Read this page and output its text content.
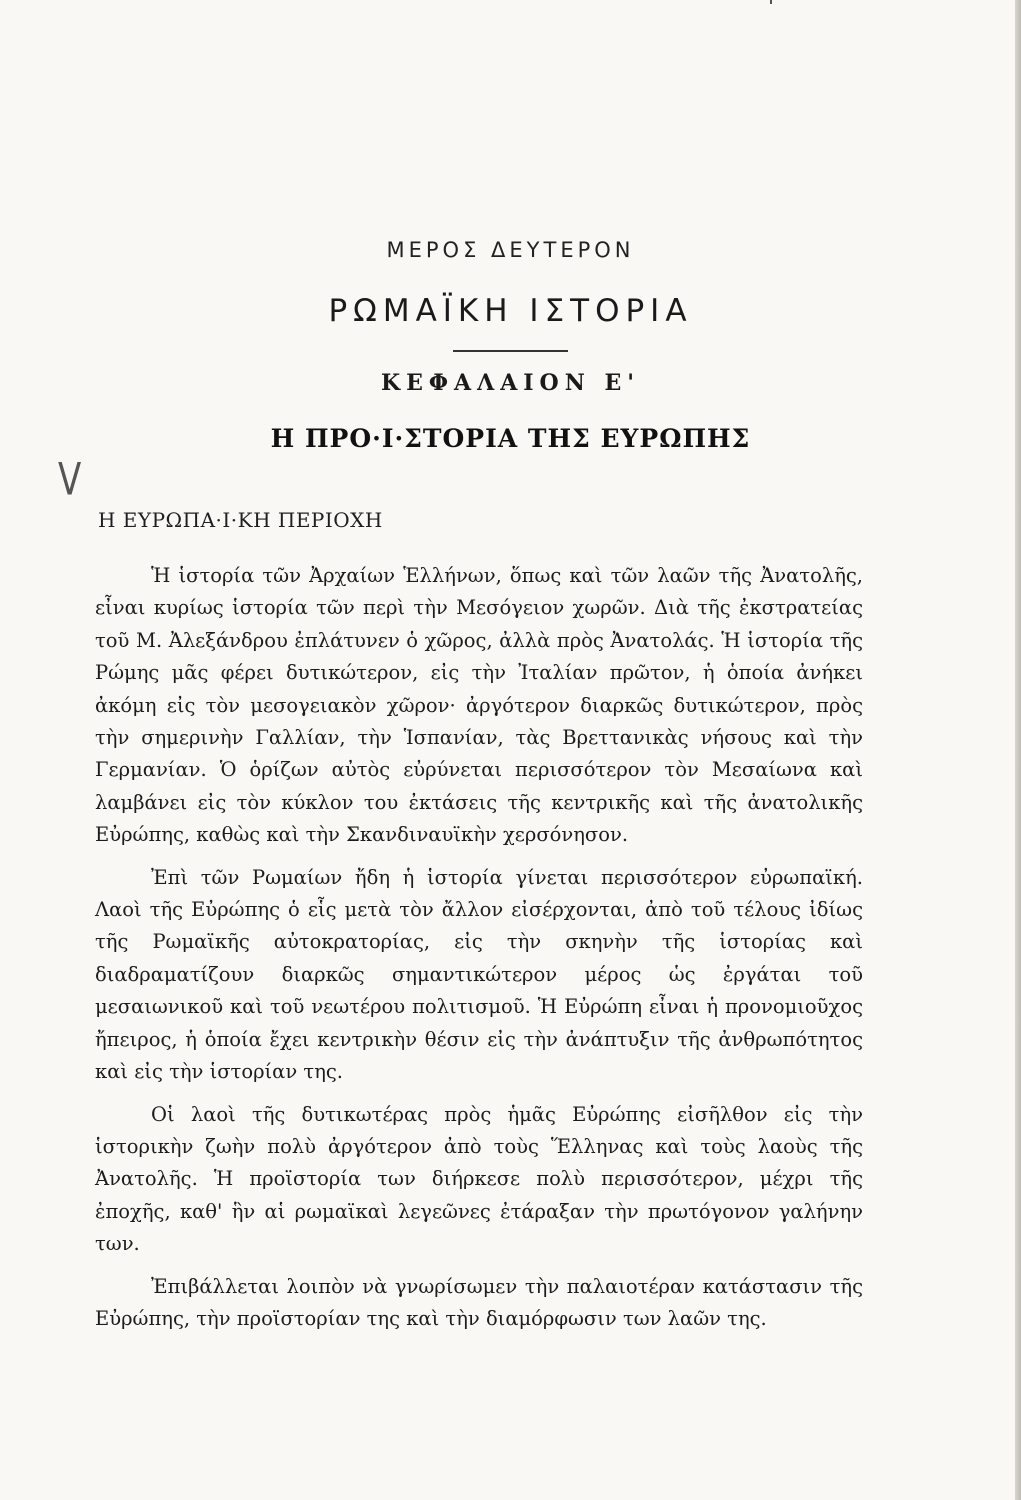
ΜΕΡΟΣ ΔΕΥΤΕΡΟΝ
ΡΩΜΑΪΚΗ ΙΣΤΟΡΙΑ
ΚΕΦΑΛΑΙΟΝ Ε'
Η ΠΡΟ·Ι·ΣΤΟΡΙΑ ΤΗΣ ΕΥΡΩΠΗΣ
V
Η ΕΥΡΩΠΑ·Ι·ΚΗ ΠΕΡΙΟΧΗ

Ἡ ἱστορία τῶν Ἀρχαίων Ἑλλήνων, ὅπως καὶ τῶν λαῶν τῆς Ἀνατολῆς, εἶναι κυρίως ἱστορία τῶν περὶ τὴν Μεσόγειον χωρῶν. Διὰ τῆς ἐκστρατείας τοῦ Μ. Ἀλεξάνδρου ἐπλάτυνεν ὁ χῶρος, ἀλλὰ πρὸς Ἀνατολάς. Ἡ ἱστορία τῆς Ρώμης μᾶς φέρει δυτικώτερον, εἰς τὴν Ἰταλίαν πρῶτον, ἡ ὁποία ἀνήκει ἀκόμη εἰς τὸν μεσογειακὸν χῶρον· ἀργότερον διαρκῶς δυτικώτερον, πρὸς τὴν σημερινὴν Γαλλίαν, τὴν Ἱσπανίαν, τὰς Βρεττανικὰς νήσους καὶ τὴν Γερμανίαν. Ὁ ὁρίζων αὐτὸς εὐρύνεται περισσότερον τὸν Μεσαίωνα καὶ λαμβάνει εἰς τὸν κύκλον του ἐκτάσεις τῆς κεντρικῆς καὶ τῆς ἀνατολικῆς Εὐρώπης, καθὼς καὶ τὴν Σκανδιναυϊκὴν χερσόνησον.

Ἐπὶ τῶν Ρωμαίων ἤδη ἡ ἱστορία γίνεται περισσότερον εὐρωπαϊκή. Λαοὶ τῆς Εὐρώπης ὁ εἷς μετὰ τὸν ἄλλον εἰσέρχονται, ἀπὸ τοῦ τέλους ἰδίως τῆς Ρωμαϊκῆς αὐτοκρατορίας, εἰς τὴν σκηνὴν τῆς ἱστορίας καὶ διαδραματίζουν διαρκῶς σημαντικώτερον μέρος ὡς ἐργάται τοῦ μεσαιωνικοῦ καὶ τοῦ νεωτέρου πολιτισμοῦ. Ἡ Εὐρώπη εἶναι ἡ προνομιοῦχος ἤπειρος, ἡ ὁποία ἔχει κεντρικὴν θέσιν εἰς τὴν ἀνάπτυξιν τῆς ἀνθρωπότητος καὶ εἰς τὴν ἱστορίαν της.

Οἱ λαοὶ τῆς δυτικωτέρας πρὸς ἡμᾶς Εὐρώπης εἰσῆλθον εἰς τὴν ἱστορικὴν ζωὴν πολὺ ἀργότερον ἀπὸ τοὺς Ἕλληνας καὶ τοὺς λαοὺς τῆς Ἀνατολῆς. Ἡ προϊστορία των διήρκεσε πολὺ περισσότερον, μέχρι τῆς ἐποχῆς, καθ' ἣν αἱ ρωμαϊκαὶ λεγεῶνες ἐτάραξαν τὴν πρωτόγονον γαλήνην των.

Ἐπιβάλλεται λοιπὸν νὰ γνωρίσωμεν τὴν παλαιοτέραν κατάστασιν τῆς Εὐρώπης, τὴν προϊστορίαν της καὶ τὴν διαμόρφωσιν των λαῶν της.
